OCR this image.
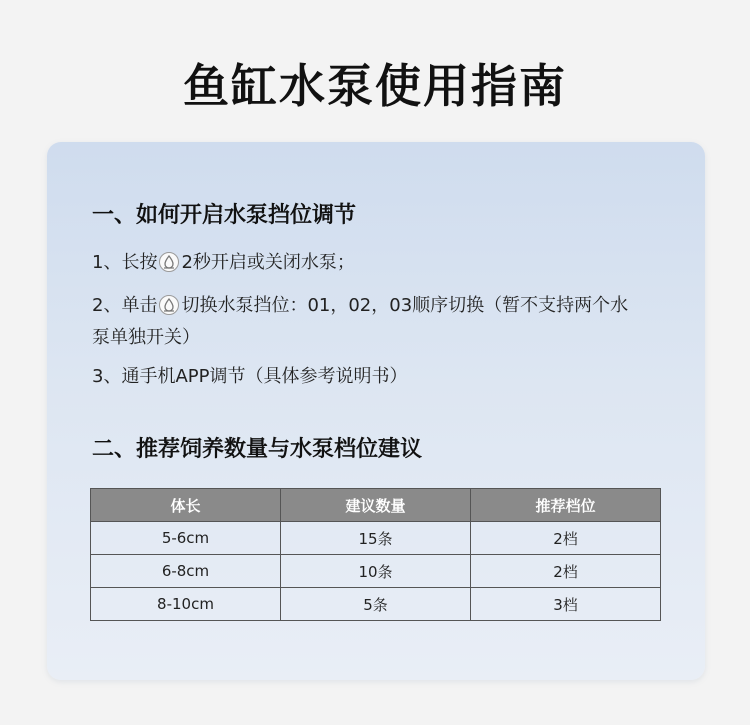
鱼缸水泵使用指南
一、如何开启水泵挡位调节
1、长按 2秒开启或关闭水泵；
2、单击 切换水泵挡位：01，02，03顺序切换（暂不支持两个水
泵单独开关）
3、通手机APP调节（具体参考说明书）
二、推荐饲养数量与水泵档位建议
体长	建议数量	推荐档位
5-6cm	15条	2档
6-8cm	10条	2档
8-10cm	5条	3档
